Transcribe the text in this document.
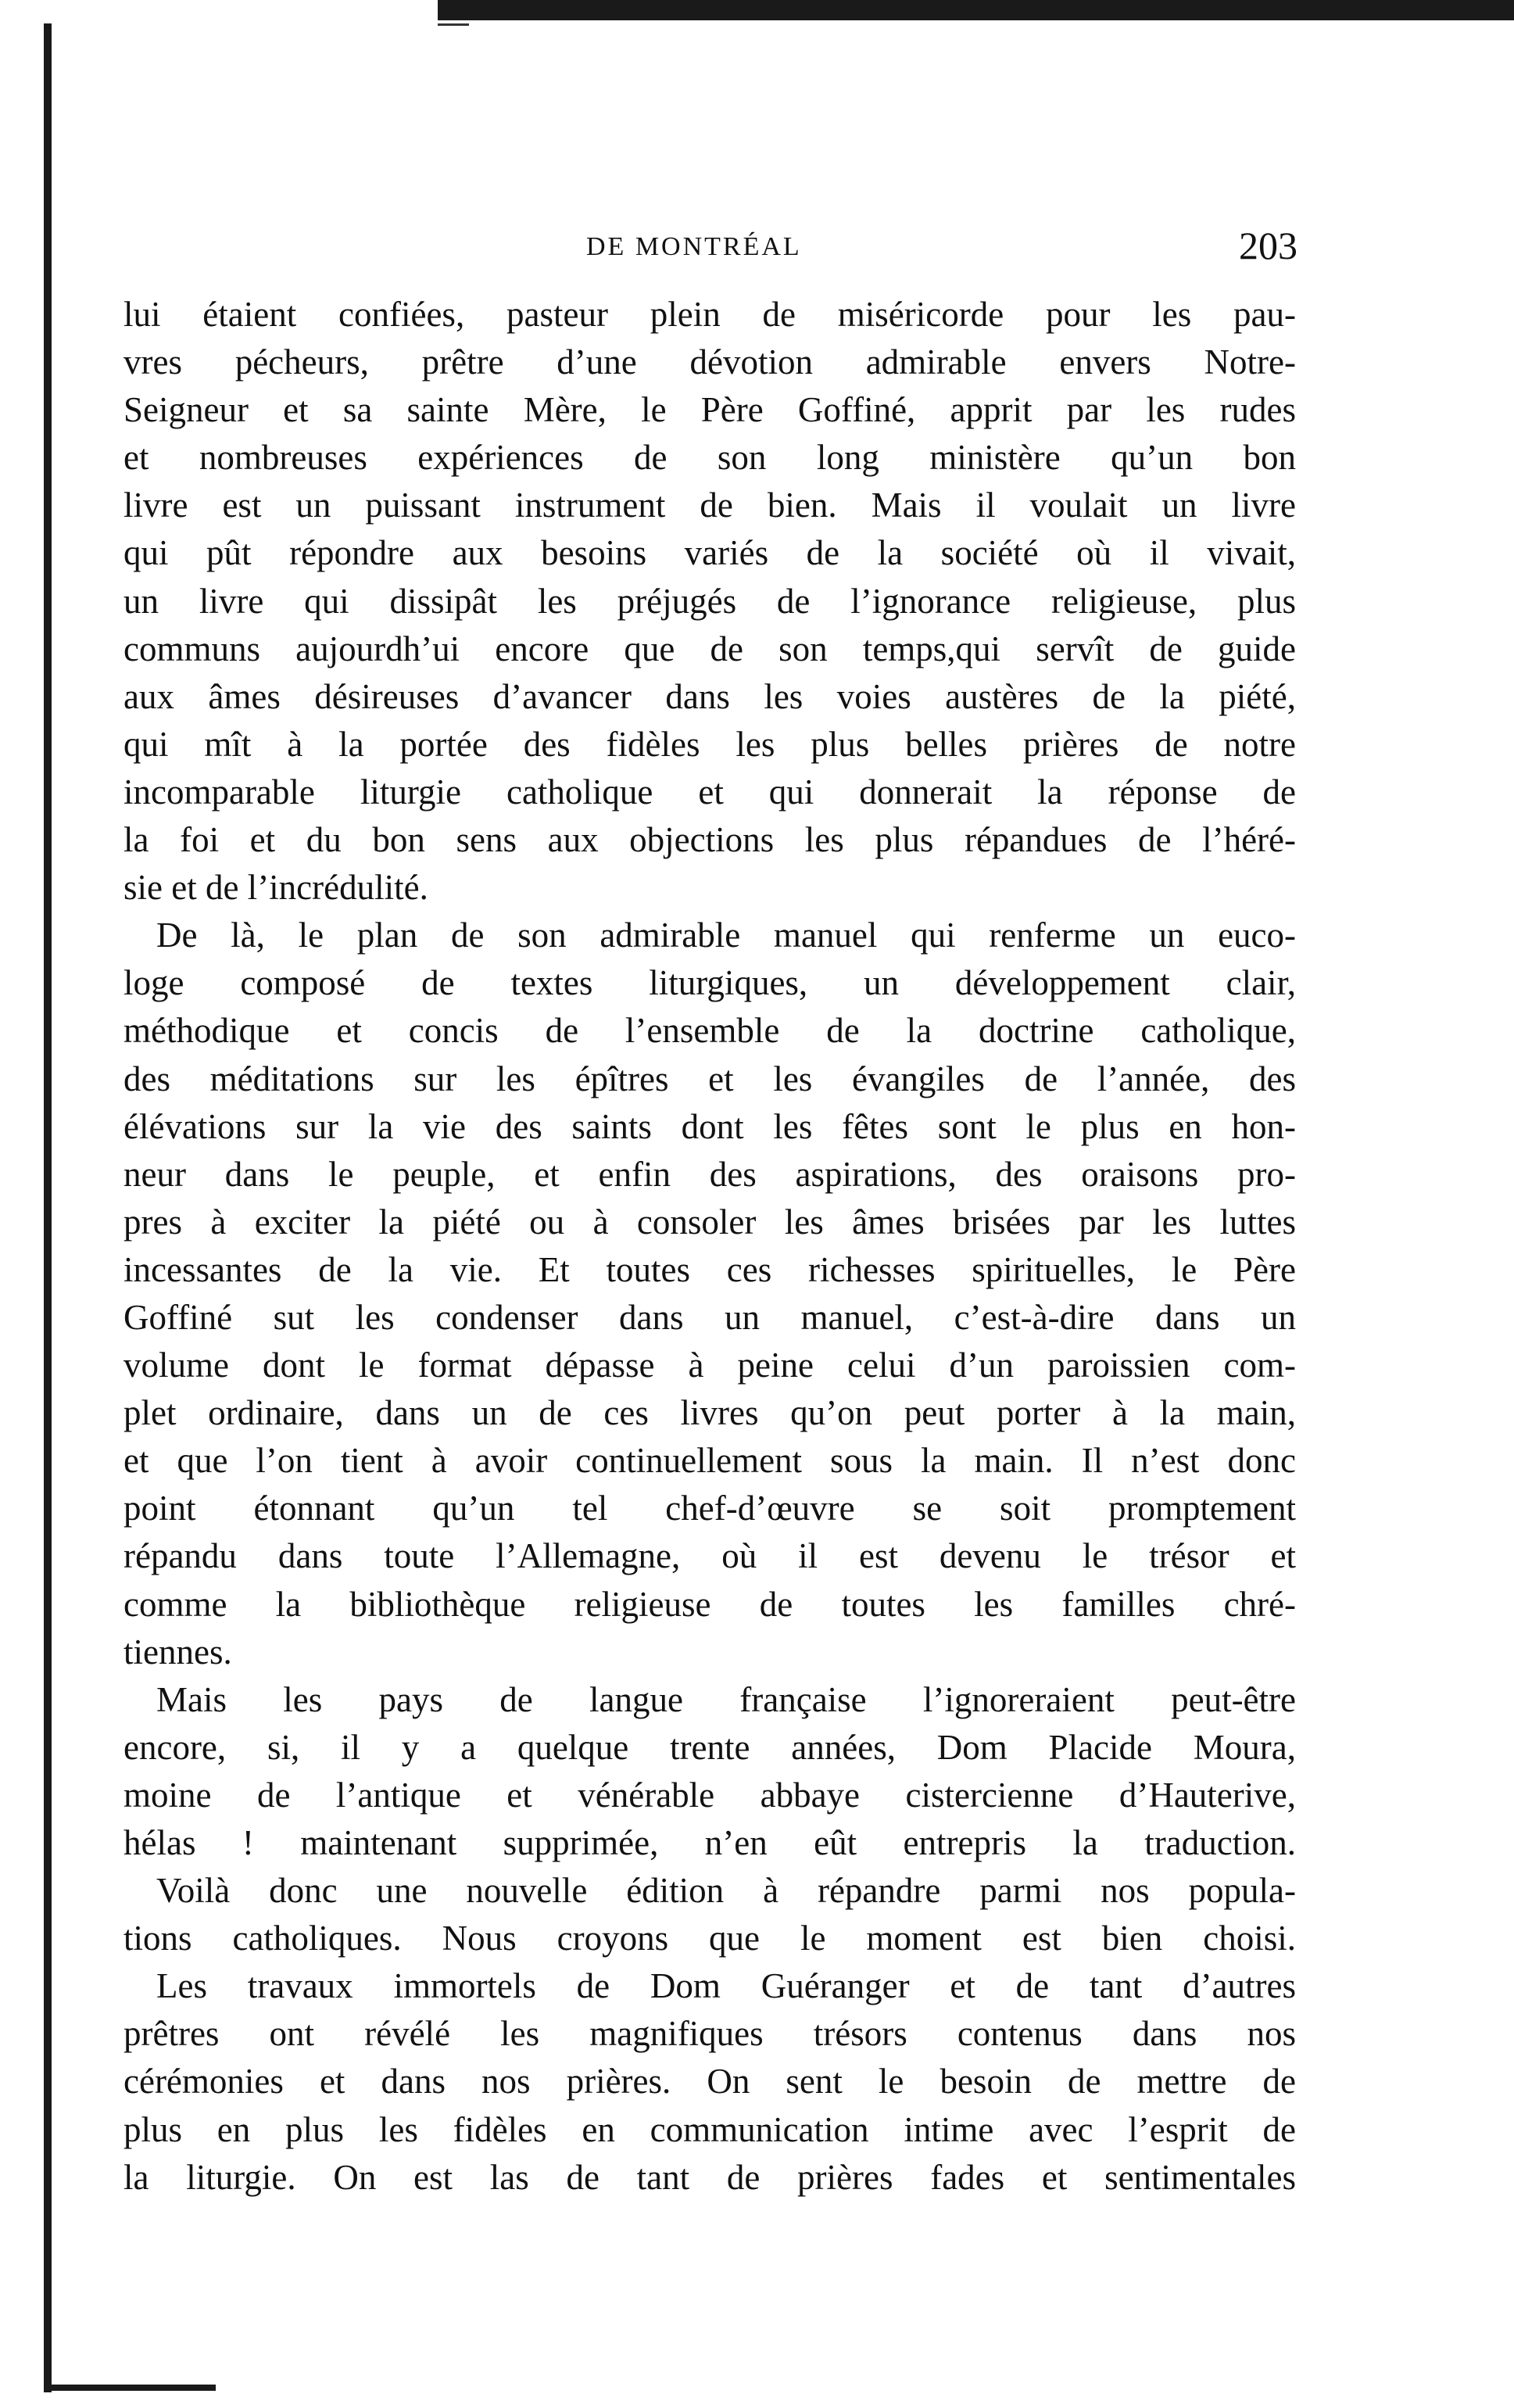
DE MONTRÉAL	203
lui étaient confiées, pasteur plein de miséricorde pour les pau-
vres pécheurs, prêtre d’une dévotion admirable envers Notre-
Seigneur et sa sainte Mère, le Père Goffiné, apprit par les rudes
et nombreuses expériences de son long ministère qu’un bon
livre est un puissant instrument de bien. Mais il voulait un livre
qui pût répondre aux besoins variés de la société où il vivait,
un livre qui dissipât les préjugés de l’ignorance religieuse, plus
communs aujourdh’ui encore que de son temps,qui servît de guide
aux âmes désireuses d’avancer dans les voies austères de la piété,
qui mît à la portée des fidèles les plus belles prières de notre
incomparable liturgie catholique et qui donnerait la réponse de
la foi et du bon sens aux objections les plus répandues de l’héré-
sie et de l’incrédulité.
De là, le plan de son admirable manuel qui renferme un euco-
loge composé de textes liturgiques, un développement clair,
méthodique et concis de l’ensemble de la doctrine catholique,
des méditations sur les épîtres et les évangiles de l’année, des
élévations sur la vie des saints dont les fêtes sont le plus en hon-
neur dans le peuple, et enfin des aspirations, des oraisons pro-
pres à exciter la piété ou à consoler les âmes brisées par les luttes
incessantes de la vie. Et toutes ces richesses spirituelles, le Père
Goffiné sut les condenser dans un manuel, c’est-à-dire dans un
volume dont le format dépasse à peine celui d’un paroissien com-
plet ordinaire, dans un de ces livres qu’on peut porter à la main,
et que l’on tient à avoir continuellement sous la main. Il n’est donc
point étonnant qu’un tel chef-d’œuvre se soit promptement
répandu dans toute l’Allemagne, où il est devenu le trésor et
comme la bibliothèque religieuse de toutes les familles chré-
tiennes.
Mais les pays de langue française l’ignoreraient peut-être
encore, si, il y a quelque trente années, Dom Placide Moura,
moine de l’antique et vénérable abbaye cistercienne d’Hauterive,
hélas ! maintenant supprimée, n’en eût entrepris la traduction.
Voilà donc une nouvelle édition à répandre parmi nos popula-
tions catholiques. Nous croyons que le moment est bien choisi.
Les travaux immortels de Dom Guéranger et de tant d’autres
prêtres ont révélé les magnifiques trésors contenus dans nos
cérémonies et dans nos prières. On sent le besoin de mettre de
plus en plus les fidèles en communication intime avec l’esprit de
la liturgie. On est las de tant de prières fades et sentimentales
